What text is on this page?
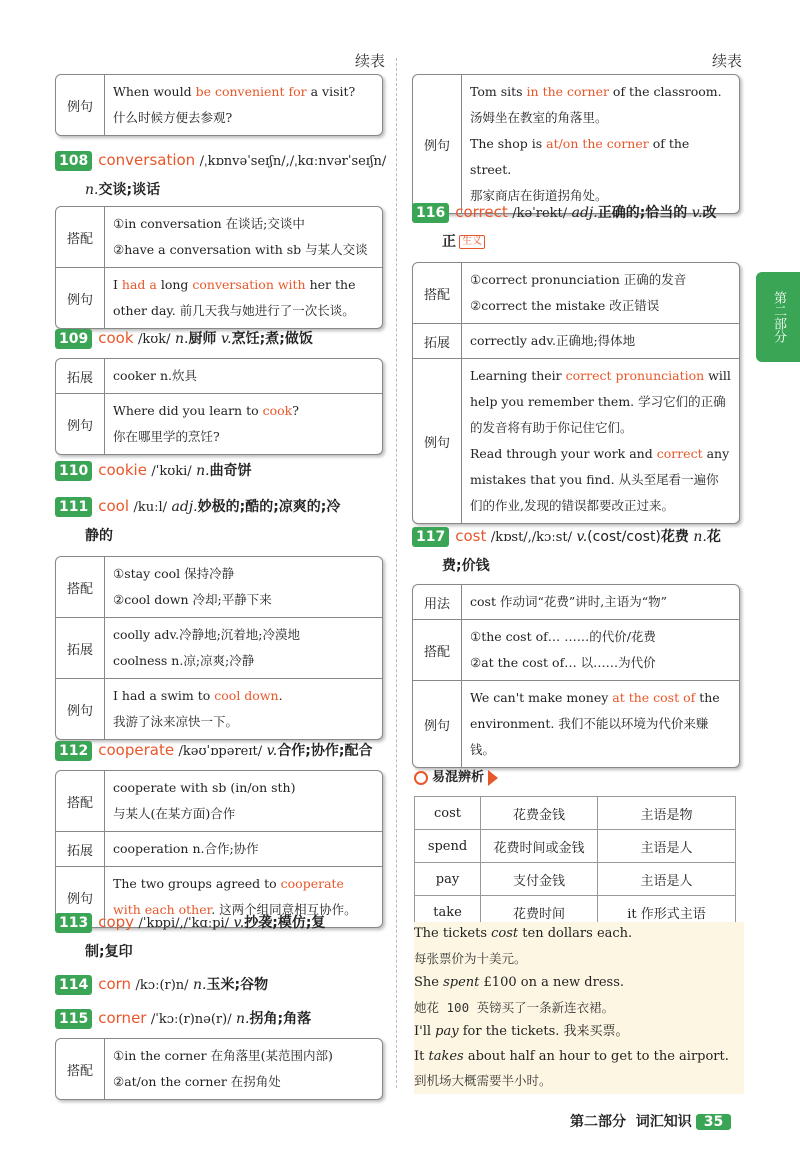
续表	续表
第二部分
例句
When would be convenient for a visit?
什么时候方便去参观?
108 conversation /ˌkɒnvəˈseɪʃn/,/ˌkɑːnvərˈseɪʃn/
n.交谈;谈话
搭配
①in conversation 在谈话;交谈中
②have a conversation with sb 与某人交谈
例句
I had a long conversation with her the other day. 前几天我与她进行了一次长谈。
109 cook /kʊk/ n.厨师 v.烹饪;煮;做饭
拓展	cooker n.炊具
例句
Where did you learn to cook?
你在哪里学的烹饪?
110 cookie /ˈkʊki/ n.曲奇饼
111 cool /kuːl/ adj.妙极的;酷的;凉爽的;冷
静的
搭配
①stay cool 保持冷静
②cool down 冷却;平静下来
拓展
coolly adv.冷静地;沉着地;冷漠地
coolness n.凉;凉爽;冷静
例句
I had a swim to cool down.
我游了泳来凉快一下。
112 cooperate /kəʊˈɒpəreɪt/ v.合作;协作;配合
搭配
cooperate with sb (in/on sth)
与某人(在某方面)合作
拓展	cooperation n.合作;协作
例句
The two groups agreed to cooperate with each other. 这两个组同意相互协作。
113 copy /ˈkɒpi/,/ˈkɑːpi/ v.抄袭;模仿;复
制;复印
114 corn /kɔː(r)n/ n.玉米;谷物
115 corner /ˈkɔː(r)nə(r)/ n.拐角;角落
搭配
①in the corner 在角落里(某范围内部)
②at/on the corner 在拐角处
例句
Tom sits in the corner of the classroom.
汤姆坐在教室的角落里。
The shop is at/on the corner of the street.
那家商店在街道拐角处。
116 correct /kəˈrekt/ adj.正确的;恰当的 v.改
正 生义
搭配
①correct pronunciation 正确的发音
②correct the mistake 改正错误
拓展	correctly adv.正确地;得体地
例句
Learning their correct pronunciation will help you remember them. 学习它们的正确的发音将有助于你记住它们。
Read through your work and correct any mistakes that you find. 从头至尾看一遍你们的作业,发现的错误都要改正过来。
117 cost /kɒst/,/kɔːst/ v.(cost/cost)花费 n.花
费;价钱
用法	cost 作动词“花费”讲时,主语为“物”
搭配
①the cost of… ……的代价/花费
②at the cost of… 以……为代价
例句
We can't make money at the cost of the environment. 我们不能以环境为代价来赚钱。
易混辨析
cost	花费金钱	主语是物
spend	花费时间或金钱	主语是人
pay	支付金钱	主语是人
take	花费时间	it 作形式主语
The tickets cost ten dollars each.
每张票价为十美元。
She spent £100 on a new dress.
她花 100 英镑买了一条新连衣裙。
I'll pay for the tickets. 我来买票。
It takes about half an hour to get to the airport.
到机场大概需要半小时。
第二部分 词汇知识 35
